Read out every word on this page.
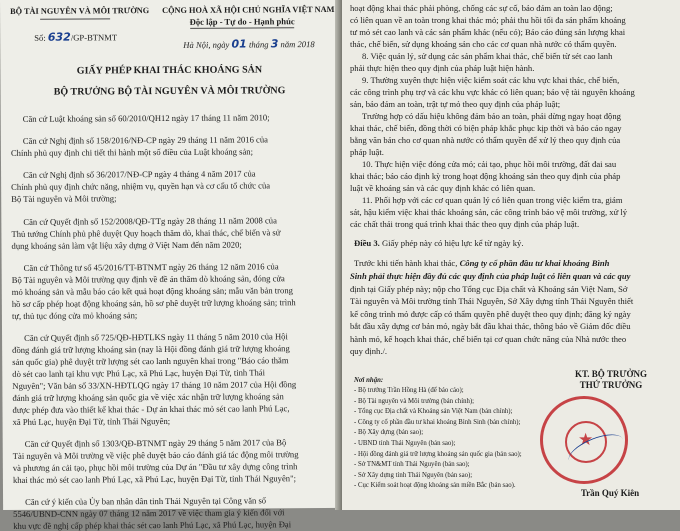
BỘ TÀI NGUYÊN VÀ MÔI TRƯỜNG CỘNG HOÀ XÃ HỘI CHỦ NGHĨA VIỆT NAM
Độc lập - Tự do - Hạnh phúc
Số: 632/GP-BTNMT
Hà Nội, ngày 01 tháng 3 năm 2018
GIẤY PHÉP KHAI THÁC KHOÁNG SẢN
BỘ TRƯỞNG BỘ TÀI NGUYÊN VÀ MÔI TRƯỜNG
Căn cứ Luật khoáng sản số 60/2010/QH12 ngày 17 tháng 11 năm 2010;
Căn cứ Nghị định số 158/2016/NĐ-CP ngày 29 tháng 11 năm 2016 của
Chính phủ quy định chi tiết thi hành một số điều của Luật khoáng sản;
Căn cứ Nghị định số 36/2017/NĐ-CP ngày 4 tháng 4 năm 2017 của
Chính phủ quy định chức năng, nhiệm vụ, quyền hạn và cơ cấu tổ chức của
Bộ Tài nguyên và Môi trường;
Căn cứ Quyết định số 152/2008/QĐ-TTg ngày 28 tháng 11 năm 2008 của
Thủ tướng Chính phủ phê duyệt Quy hoạch thăm dò, khai thác, chế biến và sử
dụng khoáng sản làm vật liệu xây dựng ở Việt Nam đến năm 2020;
Căn cứ Thông tư số 45/2016/TT-BTNMT ngày 26 tháng 12 năm 2016 của
Bộ Tài nguyên và Môi trường quy định về đề án thăm dò khoáng sản, đóng cửa
mỏ khoáng sản và mẫu báo cáo kết quả hoạt động khoáng sản; mẫu văn bản trong
hồ sơ cấp phép hoạt động khoáng sản, hồ sơ phê duyệt trữ lượng khoáng sản; trình
tự, thủ tục đóng cửa mỏ khoáng sản;
Căn cứ Quyết định số 725/QĐ-HĐTLKS ngày 11 tháng 5 năm 2010 của Hội
đồng đánh giá trữ lượng khoáng sản (nay là Hội đồng đánh giá trữ lượng khoáng
sản quốc gia) phê duyệt trữ lượng sét cao lanh nguyên khai trong "Báo cáo thăm
dò sét cao lanh tại khu vực Phú Lạc, xã Phú Lạc, huyện Đại Từ, tỉnh Thái
Nguyên"; Văn bản số 33/XN-HĐTLQG ngày 17 tháng 10 năm 2017 của Hội đồng
đánh giá trữ lượng khoáng sản quốc gia về việc xác nhận trữ lượng khoáng sản
được phép đưa vào thiết kế khai thác - Dự án khai thác mỏ sét cao lanh Phú Lạc,
xã Phú Lạc, huyện Đại Từ, tỉnh Thái Nguyên;
Căn cứ Quyết định số 1303/QĐ-BTNMT ngày 29 tháng 5 năm 2017 của Bộ
Tài nguyên và Môi trường về việc phê duyệt báo cáo đánh giá tác động môi trường
và phương án cải tạo, phục hồi môi trường của Dự án "Đầu tư xây dựng công trình
khai thác mỏ sét cao lanh Phú Lạc, xã Phú Lạc, huyện Đại Từ, tỉnh Thái Nguyên";
Căn cứ ý kiến của Ủy ban nhân dân tỉnh Thái Nguyên tại Công văn số
5546/UBND-CNN ngày 07 tháng 12 năm 2017 về việc tham gia ý kiến đối với
khu vực đề nghị cấp phép khai thác sét cao lanh Phú Lạc, xã Phú Lạc, huyện Đại
hoạt động khai thác phải phòng, chống các sự cố, bảo đảm an toàn lao động;
có liên quan về an toàn trong khai thác mỏ; phải thu hồi tối đa sản phẩm khoáng
tư mỏ sét cao lanh và các sản phẩm khác (nếu có); Báo cáo đúng sản lượng khai
thác, chế biến, sử dụng khoáng sản cho các cơ quan nhà nước có thẩm quyền.
8. Việc quản lý, sử dụng các sản phẩm khai thác, chế biến từ sét cao lanh
phải thực hiện theo quy định của pháp luật hiện hành.
9. Thường xuyên thực hiện việc kiểm soát các khu vực khai thác, chế biến,
các công trình phụ trợ và các khu vực khác có liên quan; bảo vệ tài nguyên khoáng
sản, bảo đảm an toàn, trật tự mỏ theo quy định của pháp luật;
Trường hợp có dấu hiệu không đảm bảo an toàn, phải dừng ngay hoạt động
khai thác, chế biến, đồng thời có biện pháp khắc phục kịp thời và báo cáo ngay
bằng văn bản cho cơ quan nhà nước có thẩm quyền để xử lý theo quy định của
pháp luật.
10. Thực hiện việc đóng cửa mỏ; cải tạo, phục hồi môi trường, đất đai sau
khai thác; báo cáo định kỳ trong hoạt động khoáng sản theo quy định của pháp
luật về khoáng sản và các quy định khác có liên quan.
11. Phối hợp với các cơ quan quản lý có liên quan trong việc kiểm tra, giám
sát, hậu kiểm việc khai thác khoáng sản, các công trình bảo vệ môi trường, xử lý
các chất thải trong quá trình khai thác theo quy định của pháp luật.
Điều 3. Giấy phép này có hiệu lực kể từ ngày ký.
Trước khi tiến hành khai thác, Công ty cổ phần đầu tư khai khoáng Bình
Sinh phải thực hiện đầy đủ các quy định của pháp luật có liên quan và các quy
định tại Giấy phép này; nộp cho Tổng cục Địa chất và Khoáng sản Việt Nam, Sở
Tài nguyên và Môi trường tỉnh Thái Nguyên, Sở Xây dựng tỉnh Thái Nguyên thiết
kế công trình mỏ được cấp có thẩm quyền phê duyệt theo quy định; đăng ký ngày
bắt đầu xây dựng cơ bản mỏ, ngày bắt đầu khai thác, thông báo về Giám đốc điều
hành mỏ, kế hoạch khai thác, chế biến tại cơ quan chức năng của Nhà nước theo
quy định./.
Nơi nhận:
- Bộ trưởng Trần Hồng Hà (để báo cáo);
- Bộ Tài nguyên và Môi trường (bản chính);
- Tổng cục Địa chất và Khoáng sản Việt Nam (bản chính);
- Công ty cổ phần đầu tư khai khoáng Bình Sinh (bản chính);
- Bộ Xây dựng (bản sao);
- UBND tỉnh Thái Nguyên (bản sao);
- Hội đồng đánh giá trữ lượng khoáng sản quốc gia (bản sao);
- Sở TN&MT tỉnh Thái Nguyên (bản sao);
- Sở Xây dựng tỉnh Thái Nguyên (bản sao);
- Cục Kiểm soát hoạt động khoáng sản miền Bắc (bản sao).
KT. BỘ TRƯỞNG
THỨ TRƯỞNG
★
Trần Quý Kiên
